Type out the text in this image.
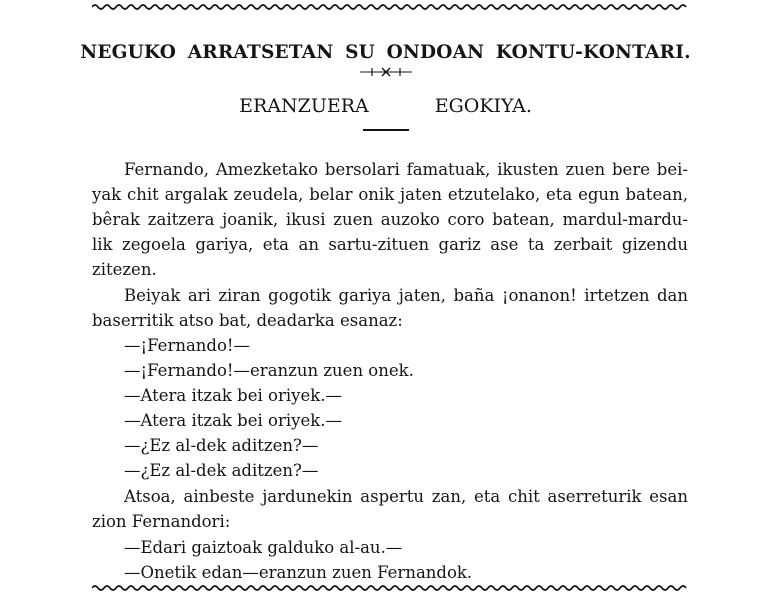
NEGUKO ARRATSETAN SU ONDOAN KONTU-KONTARI.
ERANZUERA	EGOKIYA.
Fernando, Amezketako bersolari famatuak, ikusten zuen bere bei-
yak chit argalak zeudela, belar onik jaten etzutelako, eta egun batean,
bêrak zaitzera joanik, ikusi zuen auzoko coro batean, mardul-mardu-
lik zegoela gariya, eta an sartu-zituen gariz ase ta zerbait gizendu
zitezen.
Beiyak ari ziran gogotik gariya jaten, baña ¡onanon! irtetzen dan
baserritik atso bat, deadarka esanaz:
—¡Fernando!—
—¡Fernando!—eranzun zuen onek.
—Atera itzak bei oriyek.—
—Atera itzak bei oriyek.—
—¿Ez al-dek aditzen?—
—¿Ez al-dek aditzen?—
Atsoa, ainbeste jardunekin aspertu zan, eta chit aserreturik esan
zion Fernandori:
—Edari gaiztoak galduko al-au.—
—Onetik edan—eranzun zuen Fernandok.
